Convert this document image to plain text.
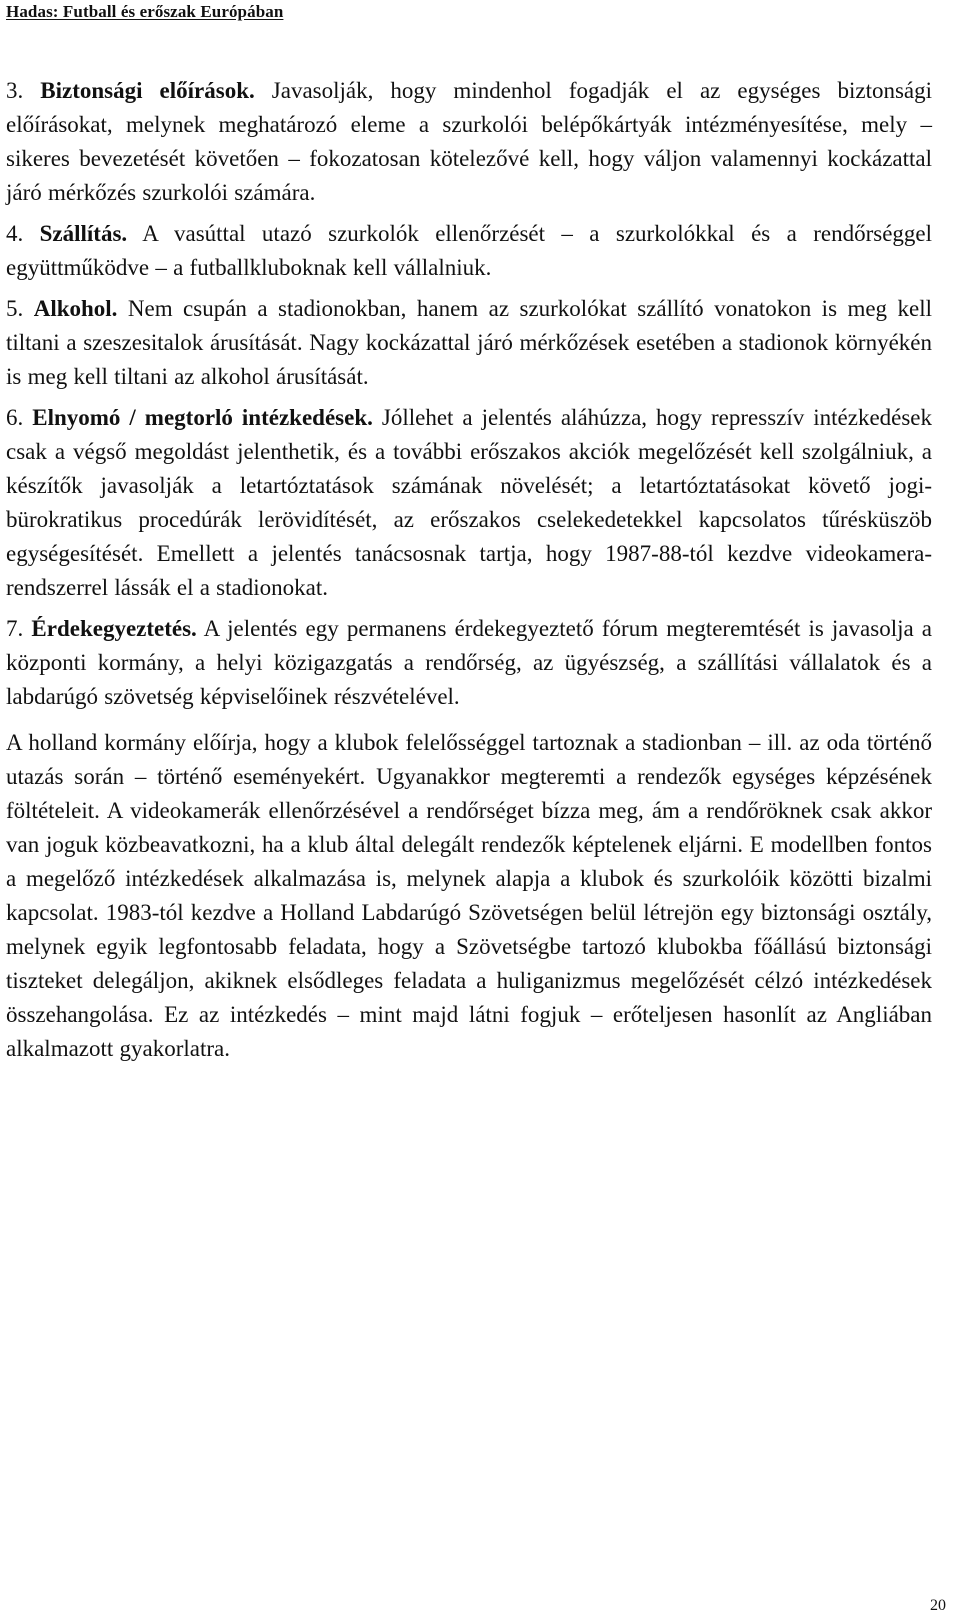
Hadas: Futball és erőszak Európában

3. Biztonsági előírások. Javasolják, hogy mindenhol fogadják el az egységes biztonsági előírásokat, melynek meghatározó eleme a szurkolói belépőkártyák intézményesítése, mely – sikeres bevezetését követően – fokozatosan kötelezővé kell, hogy váljon valamennyi kockázattal járó mérkőzés szurkolói számára.

4. Szállítás. A vasúttal utazó szurkolók ellenőrzését – a szurkolókkal és a rendőrséggel együttműködve – a futballkluboknak kell vállalniuk.

5. Alkohol. Nem csupán a stadionokban, hanem az szurkolókat szállító vonatokon is meg kell tiltani a szeszesitalok árusítását. Nagy kockázattal járó mérkőzések esetében a stadionok környékén is meg kell tiltani az alkohol árusítását.

6. Elnyomó / megtorló intézkedések. Jóllehet a jelentés aláhúzza, hogy represszív intézkedések csak a végső megoldást jelenthetik, és a további erőszakos akciók megelőzését kell szolgálniuk, a készítők javasolják a letartóztatások számának növelését; a letartóztatásokat követő jogi-bürokratikus procedúrák lerövidítését, az erőszakos cselekedetekkel kapcsolatos tűrésküszöb egységesítését. Emellett a jelentés tanácsosnak tartja, hogy 1987-88-tól kezdve videokamera-rendszerrel lássák el a stadionokat.

7. Érdekegyeztetés. A jelentés egy permanens érdekegyeztető fórum megteremtését is javasolja a központi kormány, a helyi közigazgatás a rendőrség, az ügyészség, a szállítási vállalatok és a labdarúgó szövetség képviselőinek részvételével.

A holland kormány előírja, hogy a klubok felelősséggel tartoznak a stadionban – ill. az oda történő utazás során – történő eseményekért. Ugyanakkor megteremti a rendezők egységes képzésének föltételeit. A videokamerák ellenőrzésével a rendőrséget bízza meg, ám a rendőröknek csak akkor van joguk közbeavatkozni, ha a klub által delegált rendezők képtelenek eljárni. E modellben fontos a megelőző intézkedések alkalmazása is, melynek alapja a klubok és szurkolóik közötti bizalmi kapcsolat. 1983-tól kezdve a Holland Labdarúgó Szövetségen belül létrejön egy biztonsági osztály, melynek egyik legfontosabb feladata, hogy a Szövetségbe tartozó klubokba főállású biztonsági tiszteket delegáljon, akiknek elsődleges feladata a huliganizmus megelőzését célzó intézkedések összehangolása. Ez az intézkedés – mint majd látni fogjuk – erőteljesen hasonlít az Angliában alkalmazott gyakorlatra.

20
